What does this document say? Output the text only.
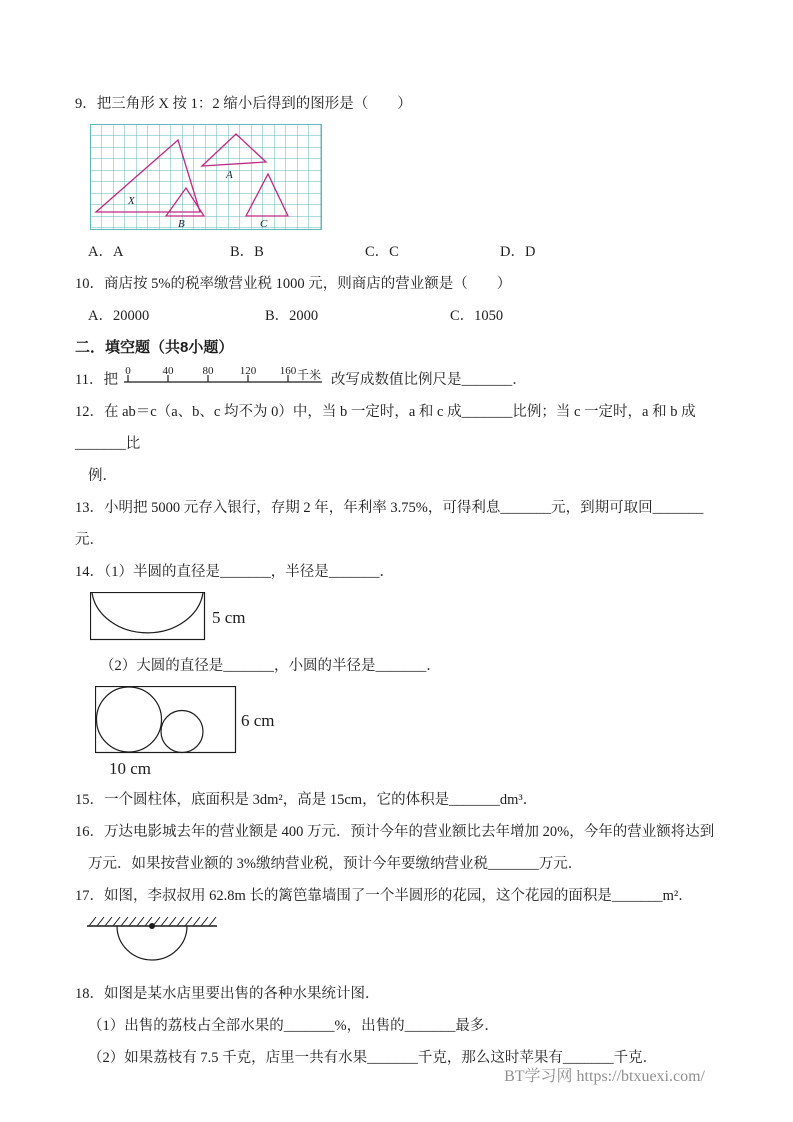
9．把三角形 X 按 1：2 缩小后得到的图形是（　　）

X
A
B	C
A．A	B．B	C．C	D．D

10．商店按 5%的税率缴营业税 1000 元，则商店的营业额是（　　）

A．20000	B．2000	C．1050
二．填空题（共8小题）

11．把
0	40	80 120 160 千米 改写成数值比例尺是_______．

12．在 ab＝c（a、b、c 均不为 0）中，当 b 一定时，a 和 c 成_______比例；当 c 一定时，a 和 b 成_______比
例．

13．小明把 5000 元存入银行，存期 2 年，年利率 3.75%，可得利息_______元，到期可取回_______元．

14．（1）半圆的直径是_______，半径是_______．

5 cm

（2）大圆的直径是_______，小圆的半径是_______．

6 cm
10 cm

15．一个圆柱体，底面积是 3dm²，高是 15cm，它的体积是_______dm³．

16．万达电影城去年的营业额是 400 万元．预计今年的营业额比去年增加 20%，今年的营业额将达到
万元．如果按营业额的 3%缴纳营业税，预计今年要缴纳营业税_______万元．

17．如图，李叔叔用 62.8m 长的篱笆靠墙围了一个半圆形的花园，这个花园的面积是_______m²．

18．如图是某水店里要出售的各种水果统计图．
（1）出售的荔枝占全部水果的_______%，出售的_______最多．
（2）如果荔枝有 7.5 千克，店里一共有水果_______千克，那么这时苹果有_______千克．

BT学习网 https://btxuexi.com/
